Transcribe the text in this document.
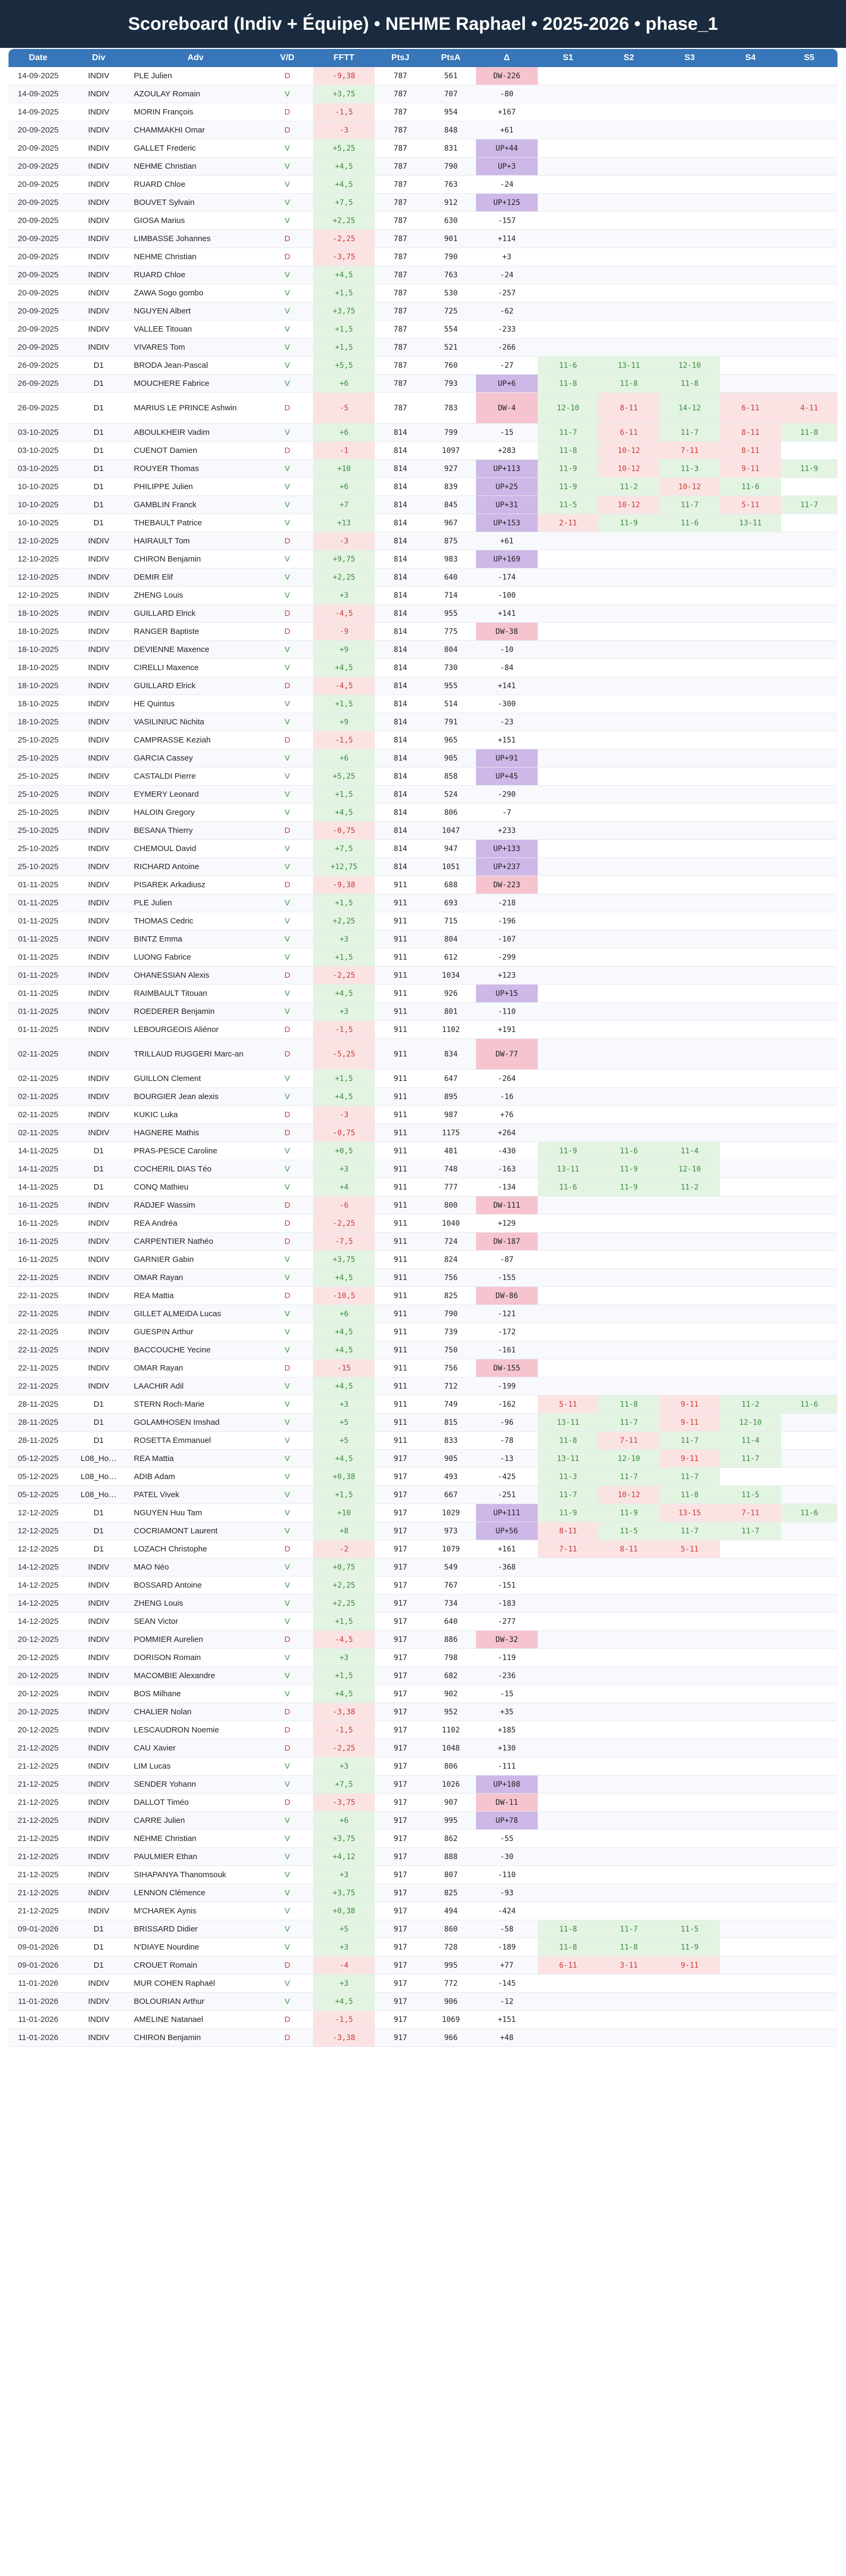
Scoreboard (Indiv + Équipe) • NEHME Raphael • 2025-2026 • phase_1
Date	Div	Adv	V/D	FFTT	PtsJ	PtsA	Δ	S1	S2	S3	S4	S5
14-09-2025	INDIV	PLE Julien	D	-9,38	787	561	DW-226
14-09-2025	INDIV	AZOULAY Romain	V	+3,75	787	707	-80
14-09-2025	INDIV	MORIN François	D	-1,5	787	954	+167
20-09-2025	INDIV	CHAMMAKHI Omar	D	-3	787	848	+61
20-09-2025	INDIV	GALLET Frederic	V	+5,25	787	831	UP+44
20-09-2025	INDIV	NEHME Christian	V	+4,5	787	790	UP+3
20-09-2025	INDIV	RUARD Chloe	V	+4,5	787	763	-24
20-09-2025	INDIV	BOUVET Sylvain	V	+7,5	787	912	UP+125
20-09-2025	INDIV	GIOSA Marius	V	+2,25	787	630	-157
20-09-2025	INDIV	LIMBASSE Johannes	D	-2,25	787	901	+114
20-09-2025	INDIV	NEHME Christian	D	-3,75	787	790	+3
20-09-2025	INDIV	RUARD Chloe	V	+4,5	787	763	-24
20-09-2025	INDIV	ZAWA Sogo gombo	V	+1,5	787	530	-257
20-09-2025	INDIV	NGUYEN Albert	V	+3,75	787	725	-62
20-09-2025	INDIV	VALLEE Titouan	V	+1,5	787	554	-233
20-09-2025	INDIV	VIVARES Tom	V	+1,5	787	521	-266
26-09-2025	D1	BRODA Jean-Pascal	V	+5,5	787	760	-27	11-6	13-11	12-10
26-09-2025	D1	MOUCHERE Fabrice	V	+6	787	793	UP+6	11-8	11-8	11-8
26-09-2025	D1	MARIUS LE PRINCE Ashwin	D	-5	787	783	DW-4	12-10	8-11	14-12	6-11	4-11
03-10-2025	D1	ABOULKHEIR Vadim	V	+6	814	799	-15	11-7	6-11	11-7	8-11	11-8
03-10-2025	D1	CUENOT Damien	D	-1	814	1097	+283	11-8	10-12	7-11	8-11
03-10-2025	D1	ROUYER Thomas	V	+10	814	927	UP+113	11-9	10-12	11-3	9-11	11-9
10-10-2025	D1	PHILIPPE Julien	V	+6	814	839	UP+25	11-9	11-2	10-12	11-6
10-10-2025	D1	GAMBLIN Franck	V	+7	814	845	UP+31	11-5	10-12	11-7	5-11	11-7
10-10-2025	D1	THEBAULT Patrice	V	+13	814	967	UP+153	2-11	11-9	11-6	13-11
12-10-2025	INDIV	HAIRAULT Tom	D	-3	814	875	+61
12-10-2025	INDIV	CHIRON Benjamin	V	+9,75	814	983	UP+169
12-10-2025	INDIV	DEMIR Elif	V	+2,25	814	640	-174
12-10-2025	INDIV	ZHENG Louis	V	+3	814	714	-100
18-10-2025	INDIV	GUILLARD Elrick	D	-4,5	814	955	+141
18-10-2025	INDIV	RANGER Baptiste	D	-9	814	775	DW-38
18-10-2025	INDIV	DEVIENNE Maxence	V	+9	814	804	-10
18-10-2025	INDIV	CIRELLI Maxence	V	+4,5	814	730	-84
18-10-2025	INDIV	GUILLARD Elrick	D	-4,5	814	955	+141
18-10-2025	INDIV	HE Quintus	V	+1,5	814	514	-300
18-10-2025	INDIV	VASILINIUC Nichita	V	+9	814	791	-23
25-10-2025	INDIV	CAMPRASSE Keziah	D	-1,5	814	965	+151
25-10-2025	INDIV	GARCIA Cassey	V	+6	814	905	UP+91
25-10-2025	INDIV	CASTALDI Pierre	V	+5,25	814	858	UP+45
25-10-2025	INDIV	EYMERY Leonard	V	+1,5	814	524	-290
25-10-2025	INDIV	HALOIN Gregory	V	+4,5	814	806	-7
25-10-2025	INDIV	BESANA Thierry	D	-0,75	814	1047	+233
25-10-2025	INDIV	CHEMOUL David	V	+7,5	814	947	UP+133
25-10-2025	INDIV	RICHARD Antoine	V	+12,75	814	1051	UP+237
01-11-2025	INDIV	PISAREK Arkadiusz	D	-9,38	911	688	DW-223
01-11-2025	INDIV	PLE Julien	V	+1,5	911	693	-218
01-11-2025	INDIV	THOMAS Cedric	V	+2,25	911	715	-196
01-11-2025	INDIV	BINTZ Emma	V	+3	911	804	-107
01-11-2025	INDIV	LUONG Fabrice	V	+1,5	911	612	-299
01-11-2025	INDIV	OHANESSIAN Alexis	D	-2,25	911	1034	+123
01-11-2025	INDIV	RAIMBAULT Titouan	V	+4,5	911	926	UP+15
01-11-2025	INDIV	ROEDERER Benjamin	V	+3	911	801	-110
01-11-2025	INDIV	LEBOURGEOIS Aliénor	D	-1,5	911	1102	+191
02-11-2025	INDIV	TRILLAUD RUGGERI Marc-an	D	-5,25	911	834	DW-77
02-11-2025	INDIV	GUILLON Clement	V	+1,5	911	647	-264
02-11-2025	INDIV	BOURGIER Jean alexis	V	+4,5	911	895	-16
02-11-2025	INDIV	KUKIC Luka	D	-3	911	987	+76
02-11-2025	INDIV	HAGNERE Mathis	D	-0,75	911	1175	+264
14-11-2025	D1	PRAS-PESCE Caroline	V	+0,5	911	481	-430	11-9	11-6	11-4
14-11-2025	D1	COCHERIL DIAS Téo	V	+3	911	748	-163	13-11	11-9	12-10
14-11-2025	D1	CONQ Mathieu	V	+4	911	777	-134	11-6	11-9	11-2
16-11-2025	INDIV	RADJEF Wassim	D	-6	911	800	DW-111
16-11-2025	INDIV	REA Andréa	D	-2,25	911	1040	+129
16-11-2025	INDIV	CARPENTIER Nathéo	D	-7,5	911	724	DW-187
16-11-2025	INDIV	GARNIER Gabin	V	+3,75	911	824	-87
22-11-2025	INDIV	OMAR Rayan	V	+4,5	911	756	-155
22-11-2025	INDIV	REA Mattia	D	-10,5	911	825	DW-86
22-11-2025	INDIV	GILLET ALMEIDA Lucas	V	+6	911	790	-121
22-11-2025	INDIV	GUESPIN Arthur	V	+4,5	911	739	-172
22-11-2025	INDIV	BACCOUCHE Yecine	V	+4,5	911	750	-161
22-11-2025	INDIV	OMAR Rayan	D	-15	911	756	DW-155
22-11-2025	INDIV	LAACHIR Adil	V	+4,5	911	712	-199
28-11-2025	D1	STERN Roch-Marie	V	+3	911	749	-162	5-11	11-8	9-11	11-2	11-6
28-11-2025	D1	GOLAMHOSEN Imshad	V	+5	911	815	-96	13-11	11-7	9-11	12-10
28-11-2025	D1	ROSETTA Emmanuel	V	+5	911	833	-78	11-8	7-11	11-7	11-4
05-12-2025	L08_Ho…	REA Mattia	V	+4,5	917	905	-13	13-11	12-10	9-11	11-7
05-12-2025	L08_Ho…	ADIB Adam	V	+0,38	917	493	-425	11-3	11-7	11-7
05-12-2025	L08_Ho…	PATEL Vivek	V	+1,5	917	667	-251	11-7	10-12	11-8	11-5
12-12-2025	D1	NGUYEN Huu Tam	V	+10	917	1029	UP+111	11-9	11-9	13-15	7-11	11-6
12-12-2025	D1	COCRIAMONT Laurent	V	+8	917	973	UP+56	8-11	11-5	11-7	11-7
12-12-2025	D1	LOZACH Christophe	D	-2	917	1079	+161	7-11	8-11	5-11
14-12-2025	INDIV	MAO Néo	V	+0,75	917	549	-368
14-12-2025	INDIV	BOSSARD Antoine	V	+2,25	917	767	-151
14-12-2025	INDIV	ZHENG Louis	V	+2,25	917	734	-183
14-12-2025	INDIV	SEAN Victor	V	+1,5	917	640	-277
20-12-2025	INDIV	POMMIER Aurelien	D	-4,5	917	886	DW-32
20-12-2025	INDIV	DORISON Romain	V	+3	917	798	-119
20-12-2025	INDIV	MACOMBIE Alexandre	V	+1,5	917	682	-236
20-12-2025	INDIV	BOS Milhane	V	+4,5	917	902	-15
20-12-2025	INDIV	CHALIER Nolan	D	-3,38	917	952	+35
20-12-2025	INDIV	LESCAUDRON Noemie	D	-1,5	917	1102	+185
21-12-2025	INDIV	CAU Xavier	D	-2,25	917	1048	+130
21-12-2025	INDIV	LIM Lucas	V	+3	917	806	-111
21-12-2025	INDIV	SENDER Yohann	V	+7,5	917	1026	UP+108
21-12-2025	INDIV	DALLOT Timéo	D	-3,75	917	907	DW-11
21-12-2025	INDIV	CARRE Julien	V	+6	917	995	UP+78
21-12-2025	INDIV	NEHME Christian	V	+3,75	917	862	-55
21-12-2025	INDIV	PAULMIER Ethan	V	+4,12	917	888	-30
21-12-2025	INDIV	SIHAPANYA Thanomsouk	V	+3	917	807	-110
21-12-2025	INDIV	LENNON Clémence	V	+3,75	917	825	-93
21-12-2025	INDIV	M'CHAREK Aynis	V	+0,38	917	494	-424
09-01-2026	D1	BRISSARD Didier	V	+5	917	860	-58	11-8	11-7	11-5
09-01-2026	D1	N'DIAYE Nourdine	V	+3	917	728	-189	11-8	11-8	11-9
09-01-2026	D1	CROUET Romain	D	-4	917	995	+77	6-11	3-11	9-11
11-01-2026	INDIV	MUR COHEN Raphaël	V	+3	917	772	-145
11-01-2026	INDIV	BOLOURIAN Arthur	V	+4,5	917	906	-12
11-01-2026	INDIV	AMELINE Natanael	D	-1,5	917	1069	+151
11-01-2026	INDIV	CHIRON Benjamin	D	-3,38	917	966	+48
